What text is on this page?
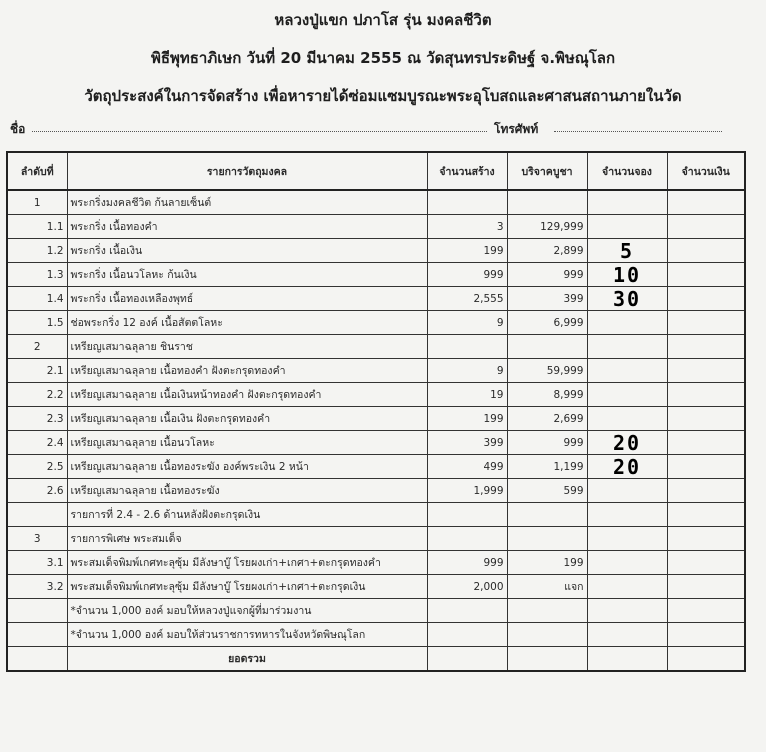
หลวงปู่แขก ปภาโส รุ่น มงคลชีวิต
พิธีพุทธาภิเษก วันที่ 20 มีนาคม 2555 ณ วัดสุนทรประดิษฐ์ จ.พิษณุโลก
วัตถุประสงค์ในการจัดสร้าง เพื่อหารายได้ซ่อมแซมบูรณะพระอุโบสถและศาสนสถานภายในวัด
ชื่อ	โทรศัพท์
ลำดับที่	รายการวัตถุมงคล	จำนวนสร้าง	บริจาคบูชา	จำนวนจอง	จำนวนเงิน
1	พระกริ่งมงคลชีวิต ก้นลายเซ็นต์				
1.1	พระกริ่ง เนื้อทองคำ	3	129,999		
1.2	พระกริ่ง เนื้อเงิน	199	2,899	5	
1.3	พระกริ่ง เนื้อนวโลหะ ก้นเงิน	999	999	10	
1.4	พระกริ่ง เนื้อทองเหลืองพุทธ์	2,555	399	30	
1.5	ช่อพระกริ่ง 12 องค์ เนื้อสัตตโลหะ	9	6,999		
2	เหรียญเสมาฉลุลาย ชินราช				
2.1	เหรียญเสมาฉลุลาย เนื้อทองคำ ฝังตะกรุดทองคำ	9	59,999		
2.2	เหรียญเสมาฉลุลาย เนื้อเงินหน้าทองคำ ฝังตะกรุดทองคำ	19	8,999		
2.3	เหรียญเสมาฉลุลาย เนื้อเงิน ฝังตะกรุดทองคำ	199	2,699		
2.4	เหรียญเสมาฉลุลาย เนื้อนวโลหะ	399	999	20	
2.5	เหรียญเสมาฉลุลาย เนื้อทองระฆัง องค์พระเงิน 2 หน้า	499	1,199	20	
2.6	เหรียญเสมาฉลุลาย เนื้อทองระฆัง	1,999	599		
	รายการที่ 2.4 - 2.6 ด้านหลังฝังตะกรุดเงิน				
3	รายการพิเศษ พระสมเด็จ				
3.1	พระสมเด็จพิมพ์เกศทะลุซุ้ม มีลังษาบู๊ โรยผงเก่า+เกศา+ตะกรุดทองคำ	999	199		
3.2	พระสมเด็จพิมพ์เกศทะลุซุ้ม มีลังษาบู๊ โรยผงเก่า+เกศา+ตะกรุดเงิน	2,000	แจก		
	*จำนวน 1,000 องค์ มอบให้หลวงปู่แจกผู้ที่มาร่วมงาน				
	*จำนวน 1,000 องค์ มอบให้ส่วนราชการทหารในจังหวัดพิษณุโลก				
	ยอดรวม				
